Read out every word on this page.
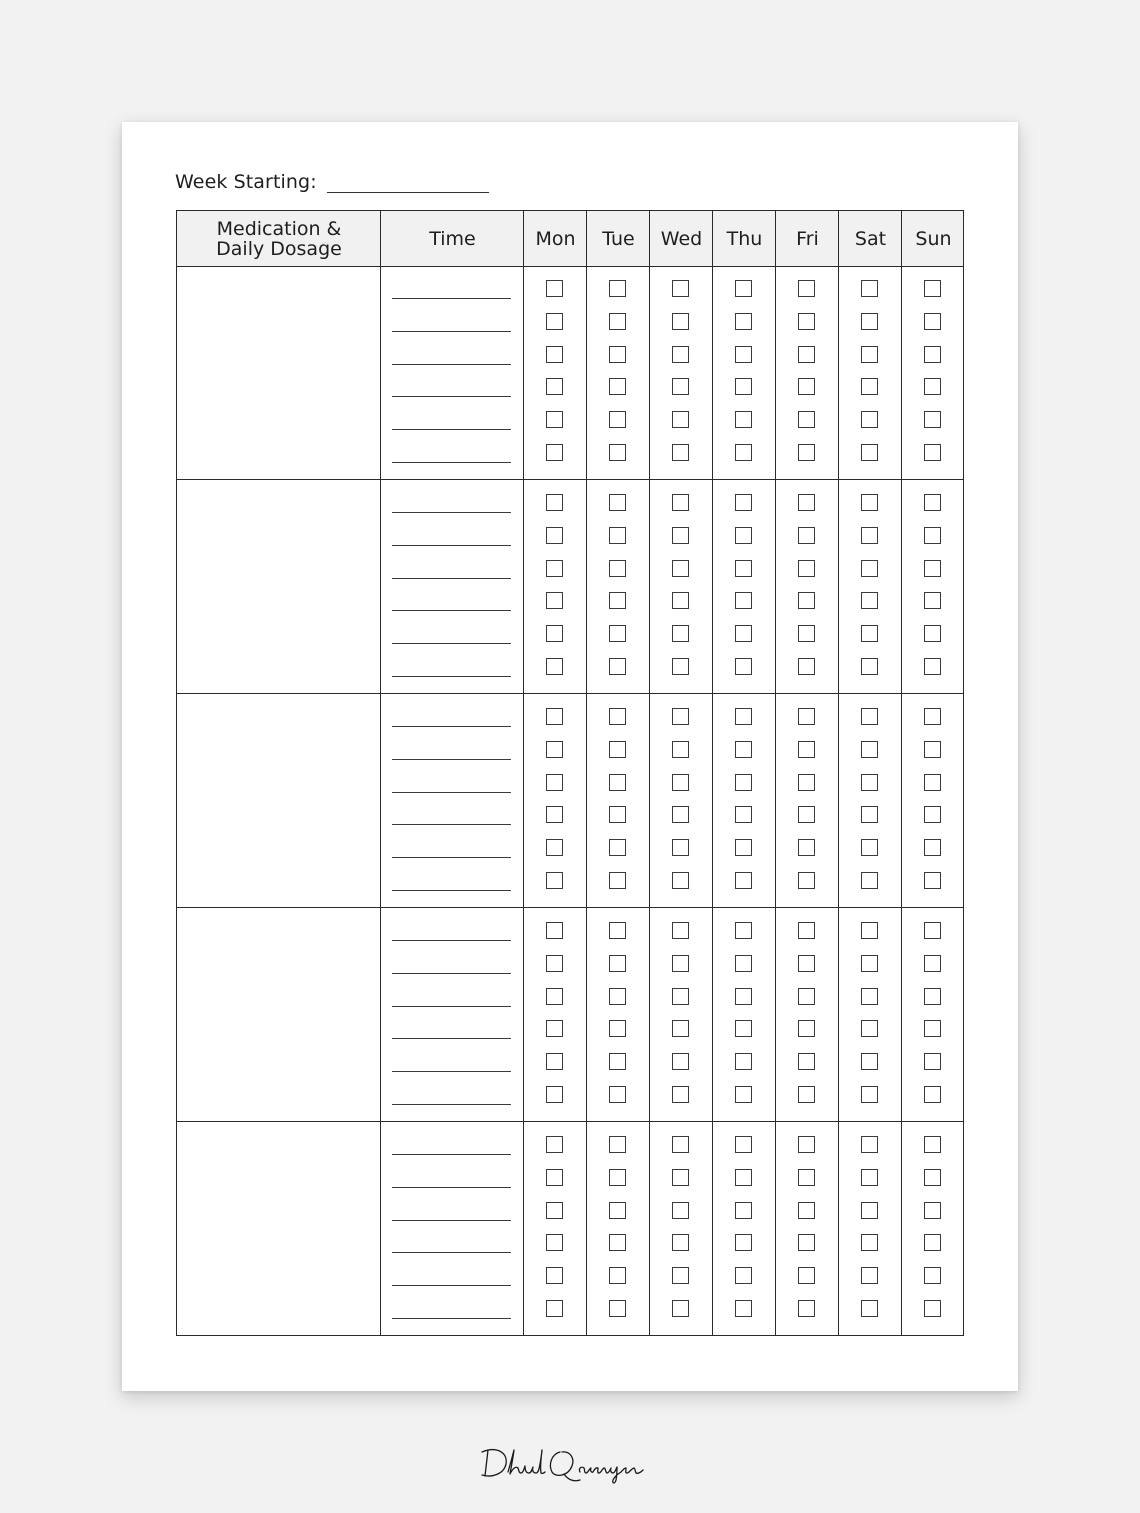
Week Starting:
Medication &
Daily Dosage	Time	Mon	Tue	Wed	Thu	Fri	Sat	Sun
DhualQarnayn
